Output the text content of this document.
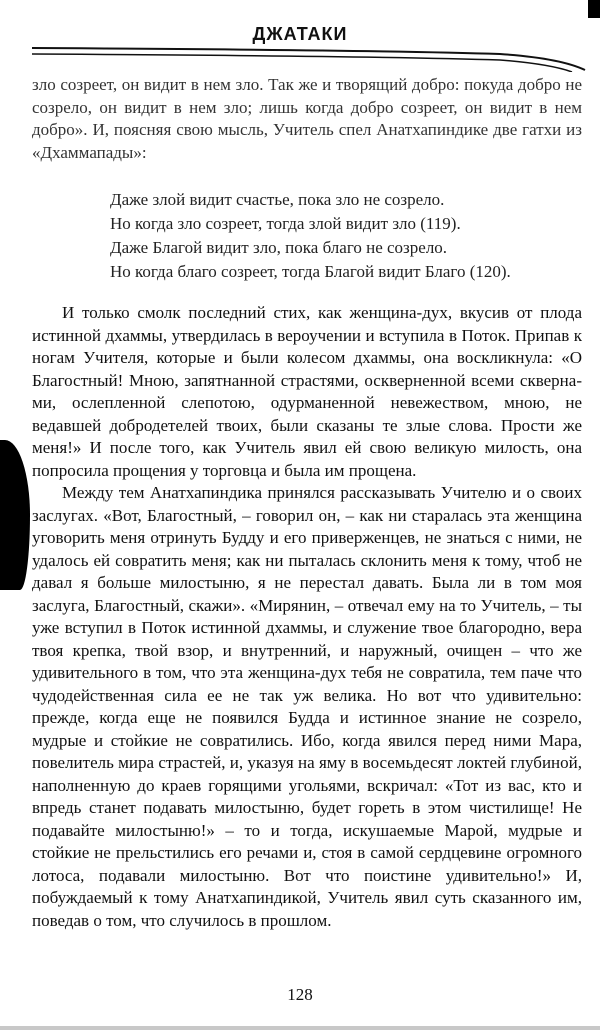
ДЖАТАКИ

зло созреет, он видит в нем зло. Так же и творящий добро: покуда добро не созрело, он видит в нем зло; лишь когда добро созреет, он видит в нем добро». И, поясняя свою мысль, Учитель спел Анатхапиндике две гатхи из «Дхаммапады»:

Даже злой видит счастье, пока зло не созрело.
Но когда зло созреет, тогда злой видит зло (119).
Даже Благой видит зло, пока благо не созрело.
Но когда благо созреет, тогда Благой видит Благо (120).

И только смолк последний стих, как женщина-дух, вкусив от плода истинной дхаммы, утвердилась в вероучении и вступила в Поток. Припав к ногам Учителя, которые и были колесом дхаммы, она воскликнула: «О Благостный! Мною, запятнанной страстями, оскверненной всеми сквернами, ослепленной слепотою, одурманенной невежеством, мною, не ведавшей добродетелей твоих, были сказаны те злые слова. Прости же меня!» И после того, как Учитель явил ей свою великую милость, она попросила прощения у торговца и была им прощена.

Между тем Анатхапиндика принялся рассказывать Учителю и о своих заслугах. «Вот, Благостный, – говорил он, – как ни старалась эта женщина уговорить меня отринуть Будду и его приверженцев, не знаться с ними, не удалось ей совратить меня; как ни пыталась склонить меня к тому, чтоб не давал я больше милостыню, я не перестал давать. Была ли в том моя заслуга, Благостный, скажи». «Мирянин, – отвечал ему на то Учитель, – ты уже вступил в Поток истинной дхаммы, и служение твое благородно, вера твоя крепка, твой взор, и внутренний, и наружный, очищен – что же удивительного в том, что эта женщина-дух тебя не совратила, тем паче что чудодейственная сила ее не так уж велика. Но вот что удивительно: прежде, когда еще не появился Будда и истинное знание не созрело, мудрые и стойкие не совратились. Ибо, когда явился перед ними Мара, повелитель мира страстей, и, указуя на яму в восемьдесят локтей глубиной, наполненную до краев горящими угольями, вскричал: «Тот из вас, кто и впредь станет подавать милостыню, будет гореть в этом чистилище! Не подавайте милостыню!» – то и тогда, искушаемые Марой, мудрые и стойкие не прельстились его речами и, стоя в самой сердцевине огромного лотоса, подавали милостыню. Вот что поистине удивительно!» И, побуждаемый к тому Анатхапиндикой, Учитель явил суть сказанного им, поведав о том, что случилось в прошлом.

128
